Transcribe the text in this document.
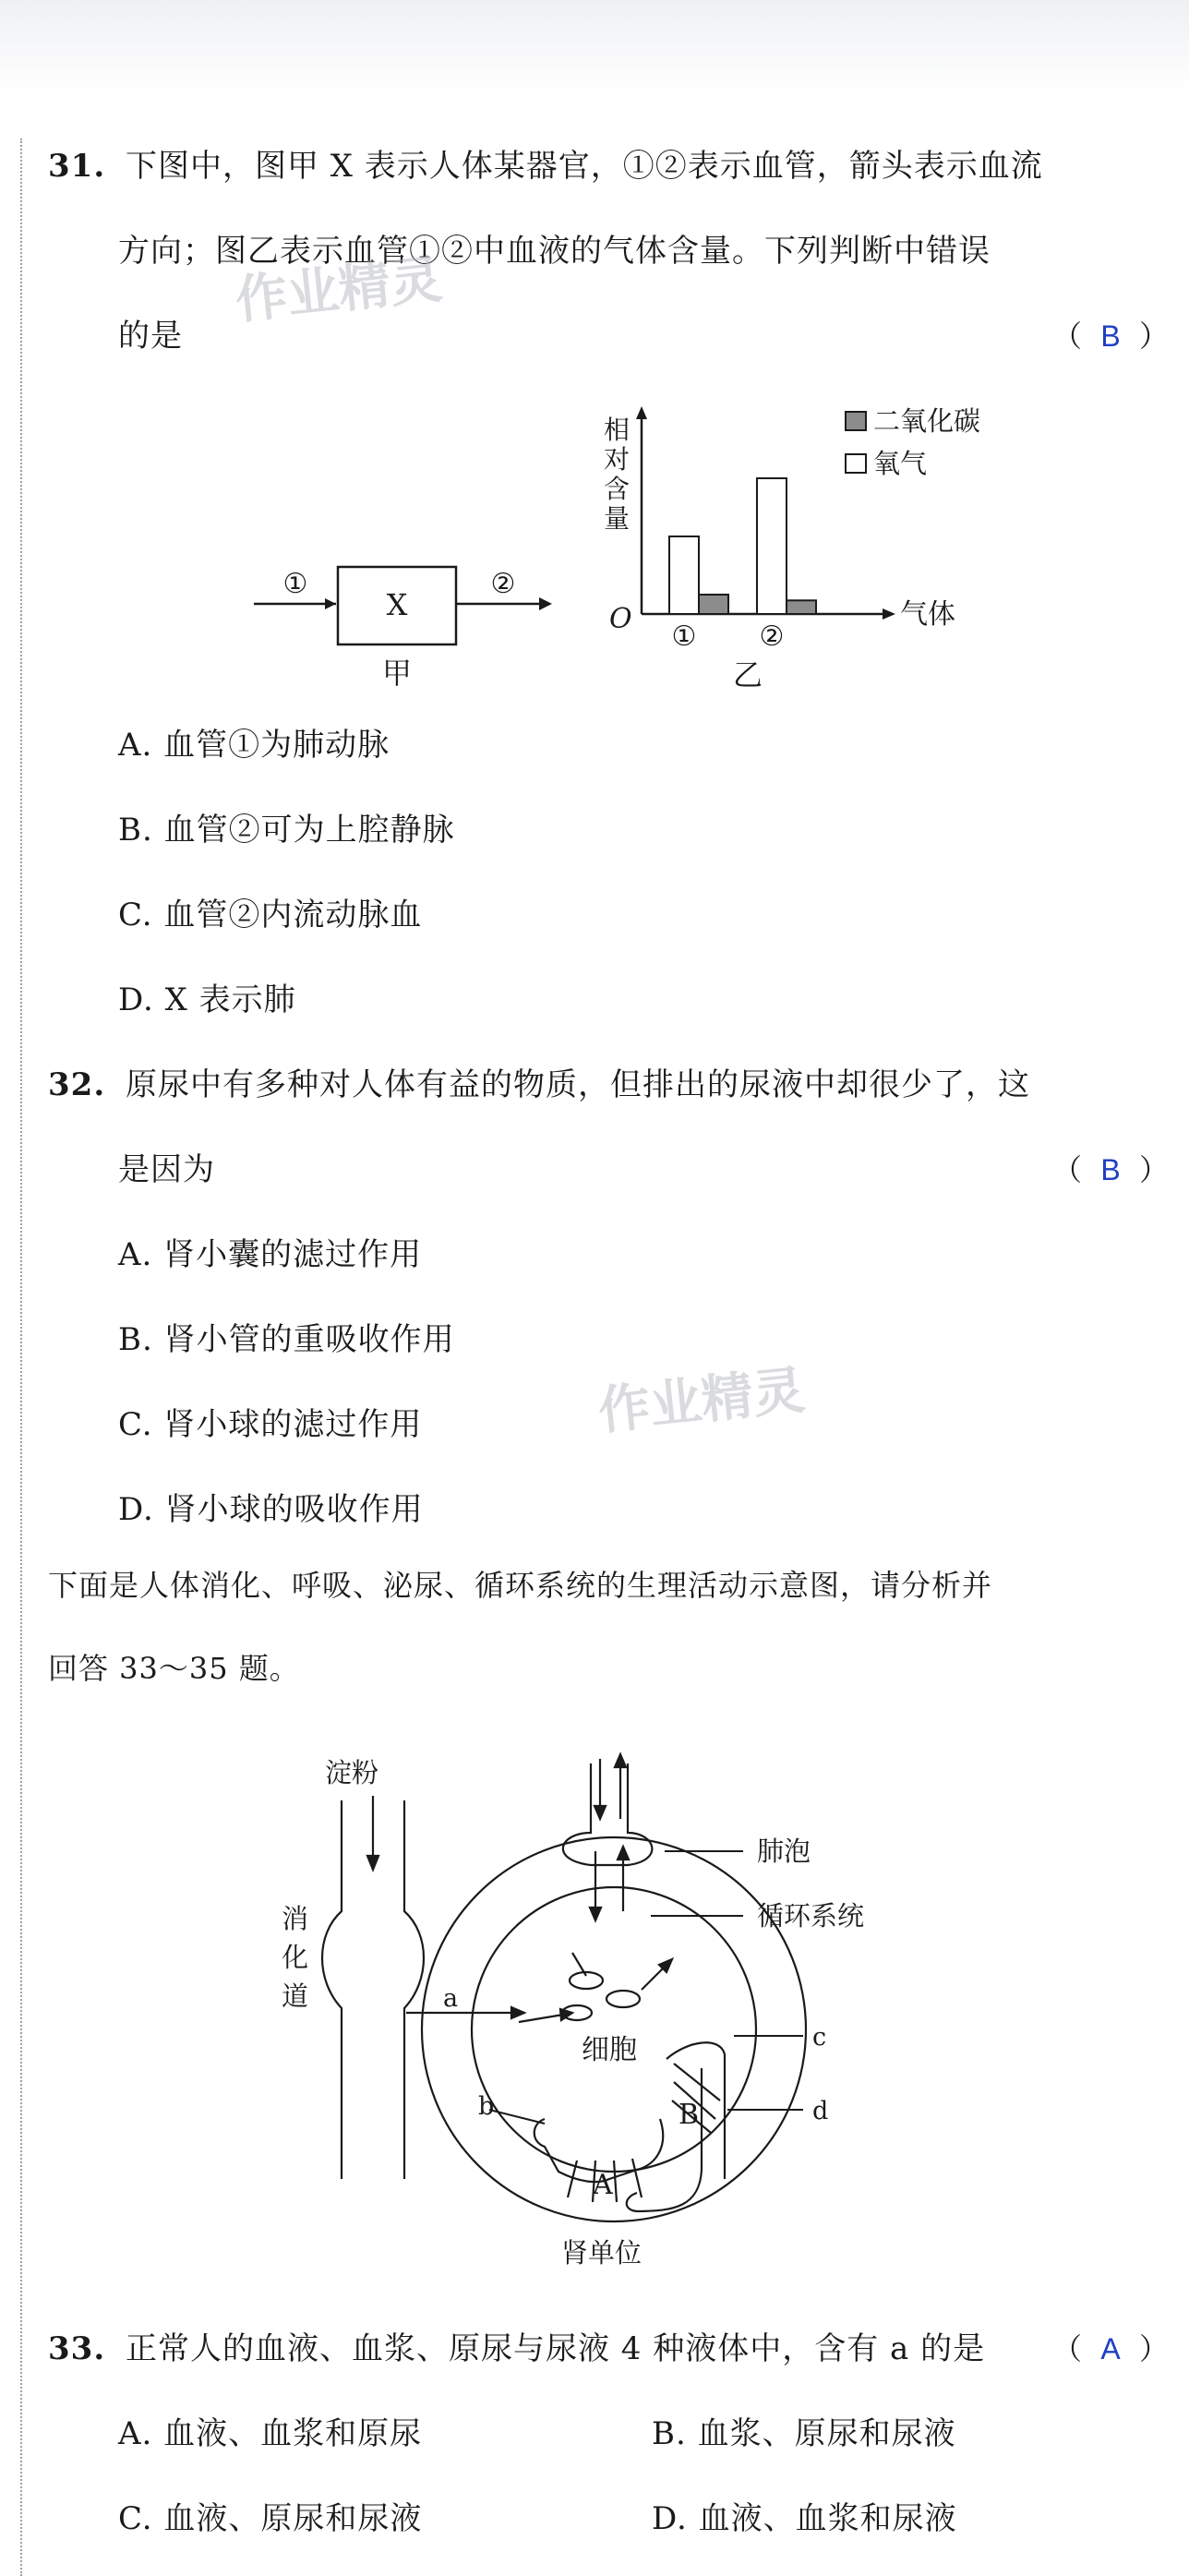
31. 下图中，图甲 X 表示人体某器官，①②表示血管，箭头表示血流
方向；图乙表示血管①②中血液的气体含量。下列判断中错误
的是	（  B  ）
作业精灵
①
X
②
甲
相
对
含
量
O	气体
① ②
二氧化碳
氧气
乙
A. 血管①为肺动脉
B. 血管②可为上腔静脉
C. 血管②内流动脉血
D. X 表示肺
32. 原尿中有多种对人体有益的物质，但排出的尿液中却很少了，这
是因为	（  B  ）
A. 肾小囊的滤过作用
B. 肾小管的重吸收作用
C. 肾小球的滤过作用
D. 肾小球的吸收作用
作业精灵
下面是人体消化、呼吸、泌尿、循环系统的生理活动示意图，请分析并
回答 33～35 题。
淀粉
消
化
道	a
肺泡
循环系统
细胞	c
d
b
A
B
肾单位
33. 正常人的血液、血浆、原尿与尿液 4 种液体中，含有 a 的是 （  A  ）
A. 血液、血浆和原尿	B. 血浆、原尿和尿液
C. 血液、原尿和尿液	D. 血液、血浆和尿液
